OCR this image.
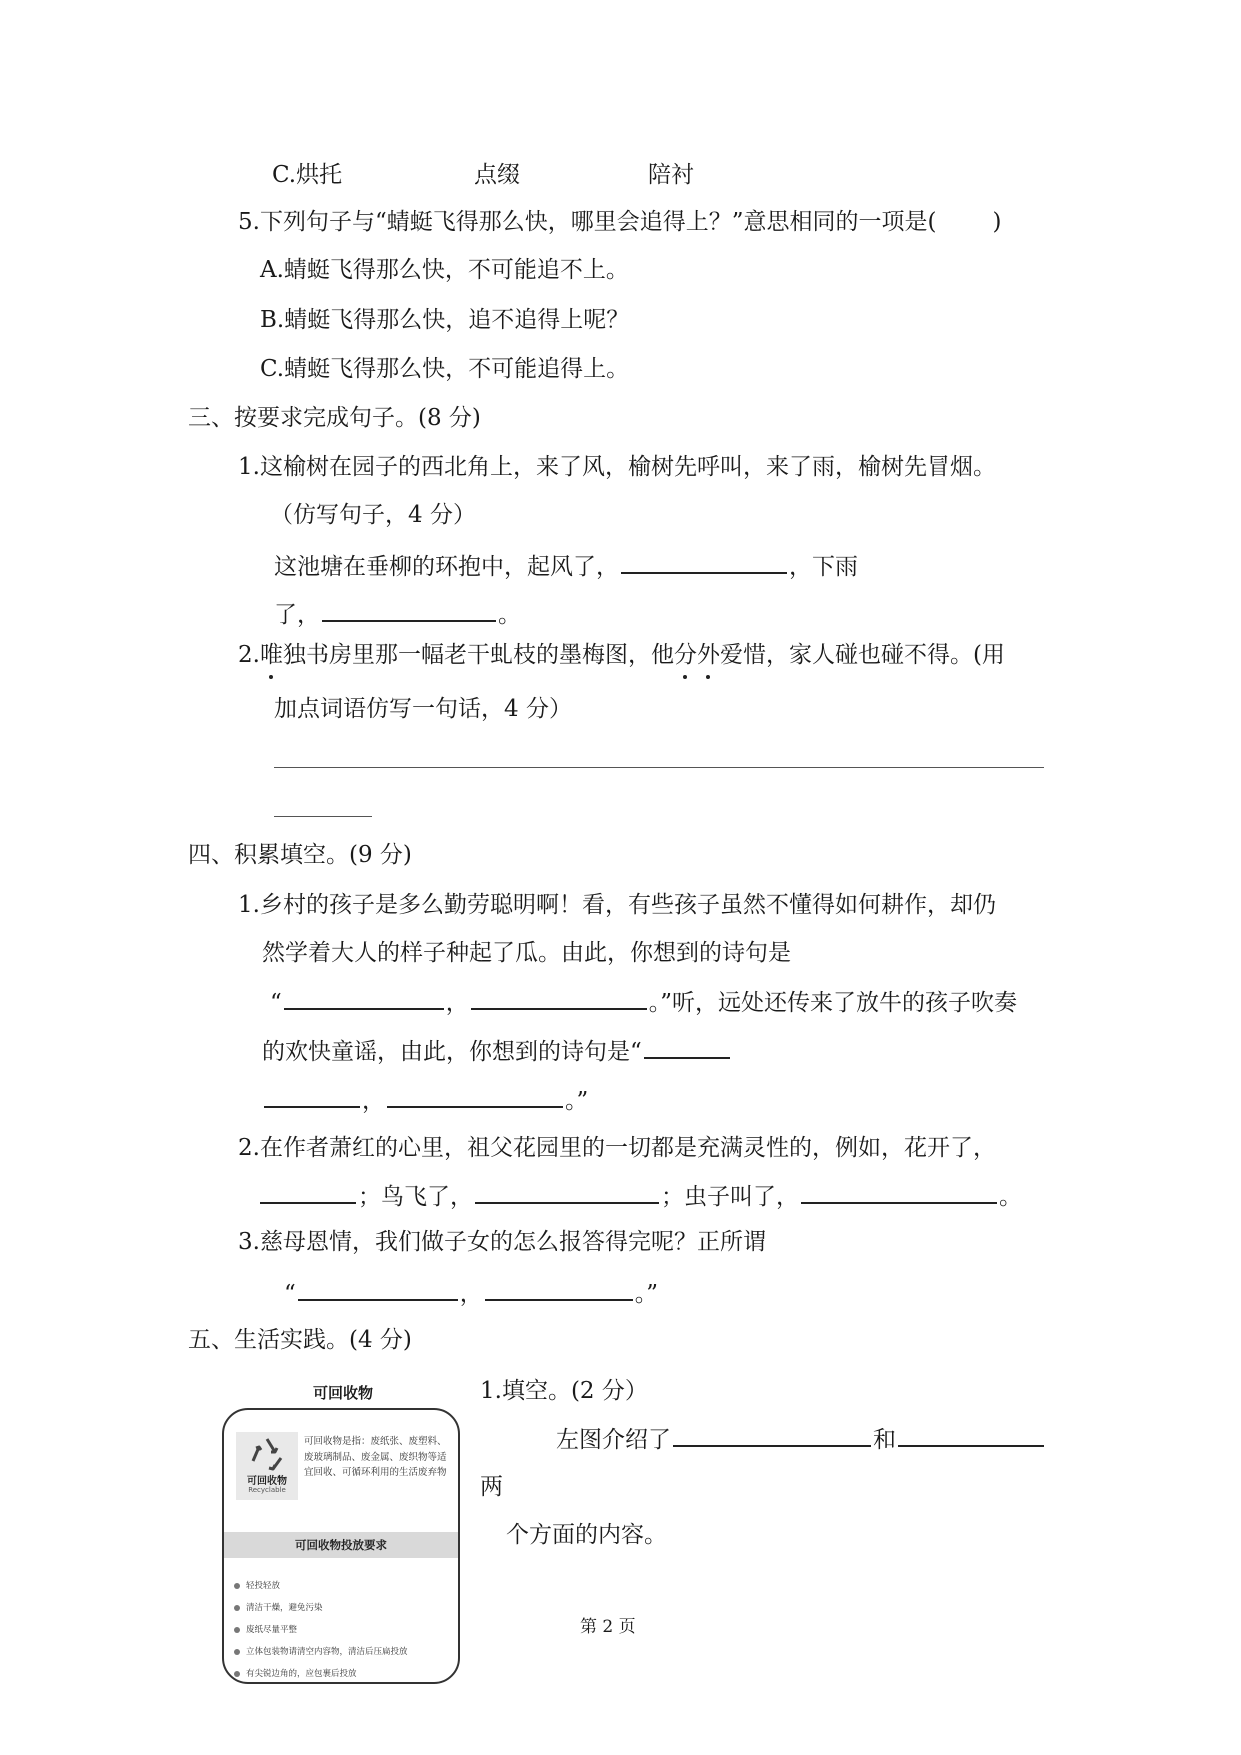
C.烘托	点缀	陪衬
5.下列句子与“蜻蜓飞得那么快，哪里会追得上？”意思相同的一项是( )
A.蜻蜓飞得那么快，不可能追不上。
B.蜻蜓飞得那么快，追不追得上呢？
C.蜻蜓飞得那么快，不可能追得上。
三、按要求完成句子。(8 分)
1.这榆树在园子的西北角上，来了风，榆树先呼叫，来了雨，榆树先冒烟。
（仿写句子，4 分）
这池塘在垂柳的环抱中，起风了，	，下雨
了，	。
2.唯独书房里那一幅老干虬枝的墨梅图，他分外爱惜，家人碰也碰不得。(用
加点词语仿写一句话，4 分）
四、积累填空。(9 分)
1.乡村的孩子是多么勤劳聪明啊！看，有些孩子虽然不懂得如何耕作，却仍
然学着大人的样子种起了瓜。由此，你想到的诗句是
“	，	。”听，远处还传来了放牛的孩子吹奏
的欢快童谣，由此，你想到的诗句是“
，	。”
2.在作者萧红的心里，祖父花园里的一切都是充满灵性的，例如，花开了，
；鸟飞了，	；虫子叫了，	。
3.慈母恩情，我们做子女的怎么报答得完呢？正所谓
“	，	。”
五、生活实践。(4 分)
可回收物
可回收物
Recyclable
可回收物是指：废纸张、废塑料、废玻璃制品、废金属、废织物等适宜回收、可循环利用的生活废弃物
可回收物投放要求
轻投轻放
清洁干燥，避免污染
废纸尽量平整
立体包装物请清空内容物，清洁后压扁投放
有尖锐边角的，应包裹后投放
1.填空。(2 分）
左图介绍了	和
两
个方面的内容。
第 2 页
